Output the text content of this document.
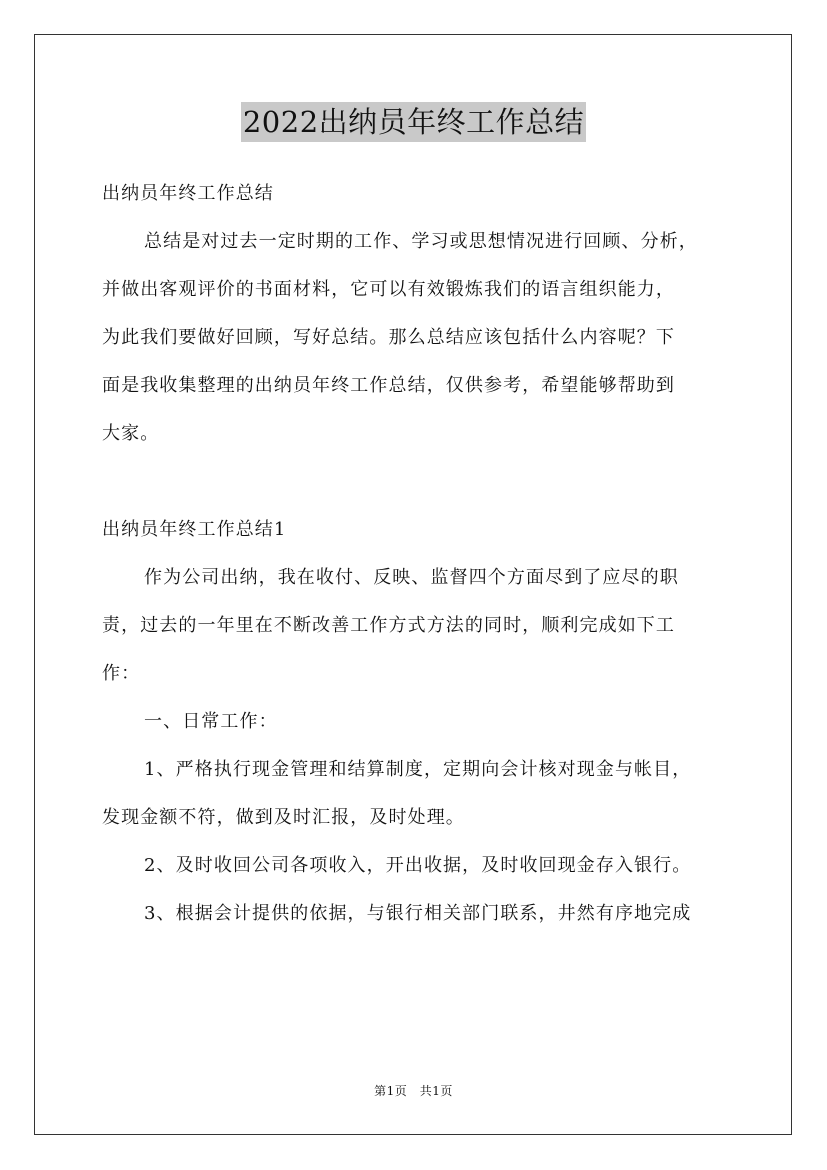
2022出纳员年终工作总结
出纳员年终工作总结
总结是对过去一定时期的工作、学习或思想情况进行回顾、分析，
并做出客观评价的书面材料，它可以有效锻炼我们的语言组织能力，
为此我们要做好回顾，写好总结。那么总结应该包括什么内容呢？下
面是我收集整理的出纳员年终工作总结，仅供参考，希望能够帮助到
大家。
出纳员年终工作总结1
作为公司出纳，我在收付、反映、监督四个方面尽到了应尽的职
责，过去的一年里在不断改善工作方式方法的同时，顺利完成如下工
作：
一、日常工作：
1、严格执行现金管理和结算制度，定期向会计核对现金与帐目，
发现金额不符，做到及时汇报，及时处理。
2、及时收回公司各项收入，开出收据，及时收回现金存入银行。
3、根据会计提供的依据，与银行相关部门联系，井然有序地完成
第1页　共1页
